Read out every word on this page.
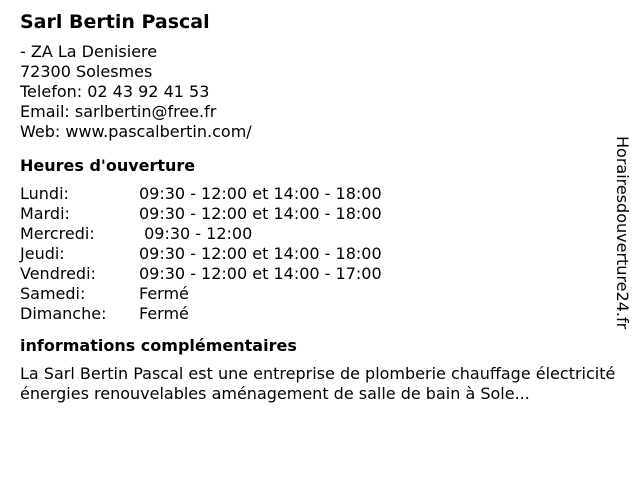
Sarl Bertin Pascal
- ZA La Denisiere
72300 Solesmes
Telefon: 02 43 92 41 53
Email: sarlbertin@free.fr
Web: www.pascalbertin.com/
Heures d'ouverture
Lundi:	09:30 - 12:00 et 14:00 - 18:00
Mardi:	09:30 - 12:00 et 14:00 - 18:00
Mercredi:	09:30 - 12:00
Jeudi:	09:30 - 12:00 et 14:00 - 18:00
Vendredi:	09:30 - 12:00 et 14:00 - 17:00
Samedi:	Fermé
Dimanche:	Fermé
informations complémentaires
La Sarl Bertin Pascal est une entreprise de plomberie chauffage électricité énergies renouvelables aménagement de salle de bain à Sole...
Horairesdouverture24.fr
